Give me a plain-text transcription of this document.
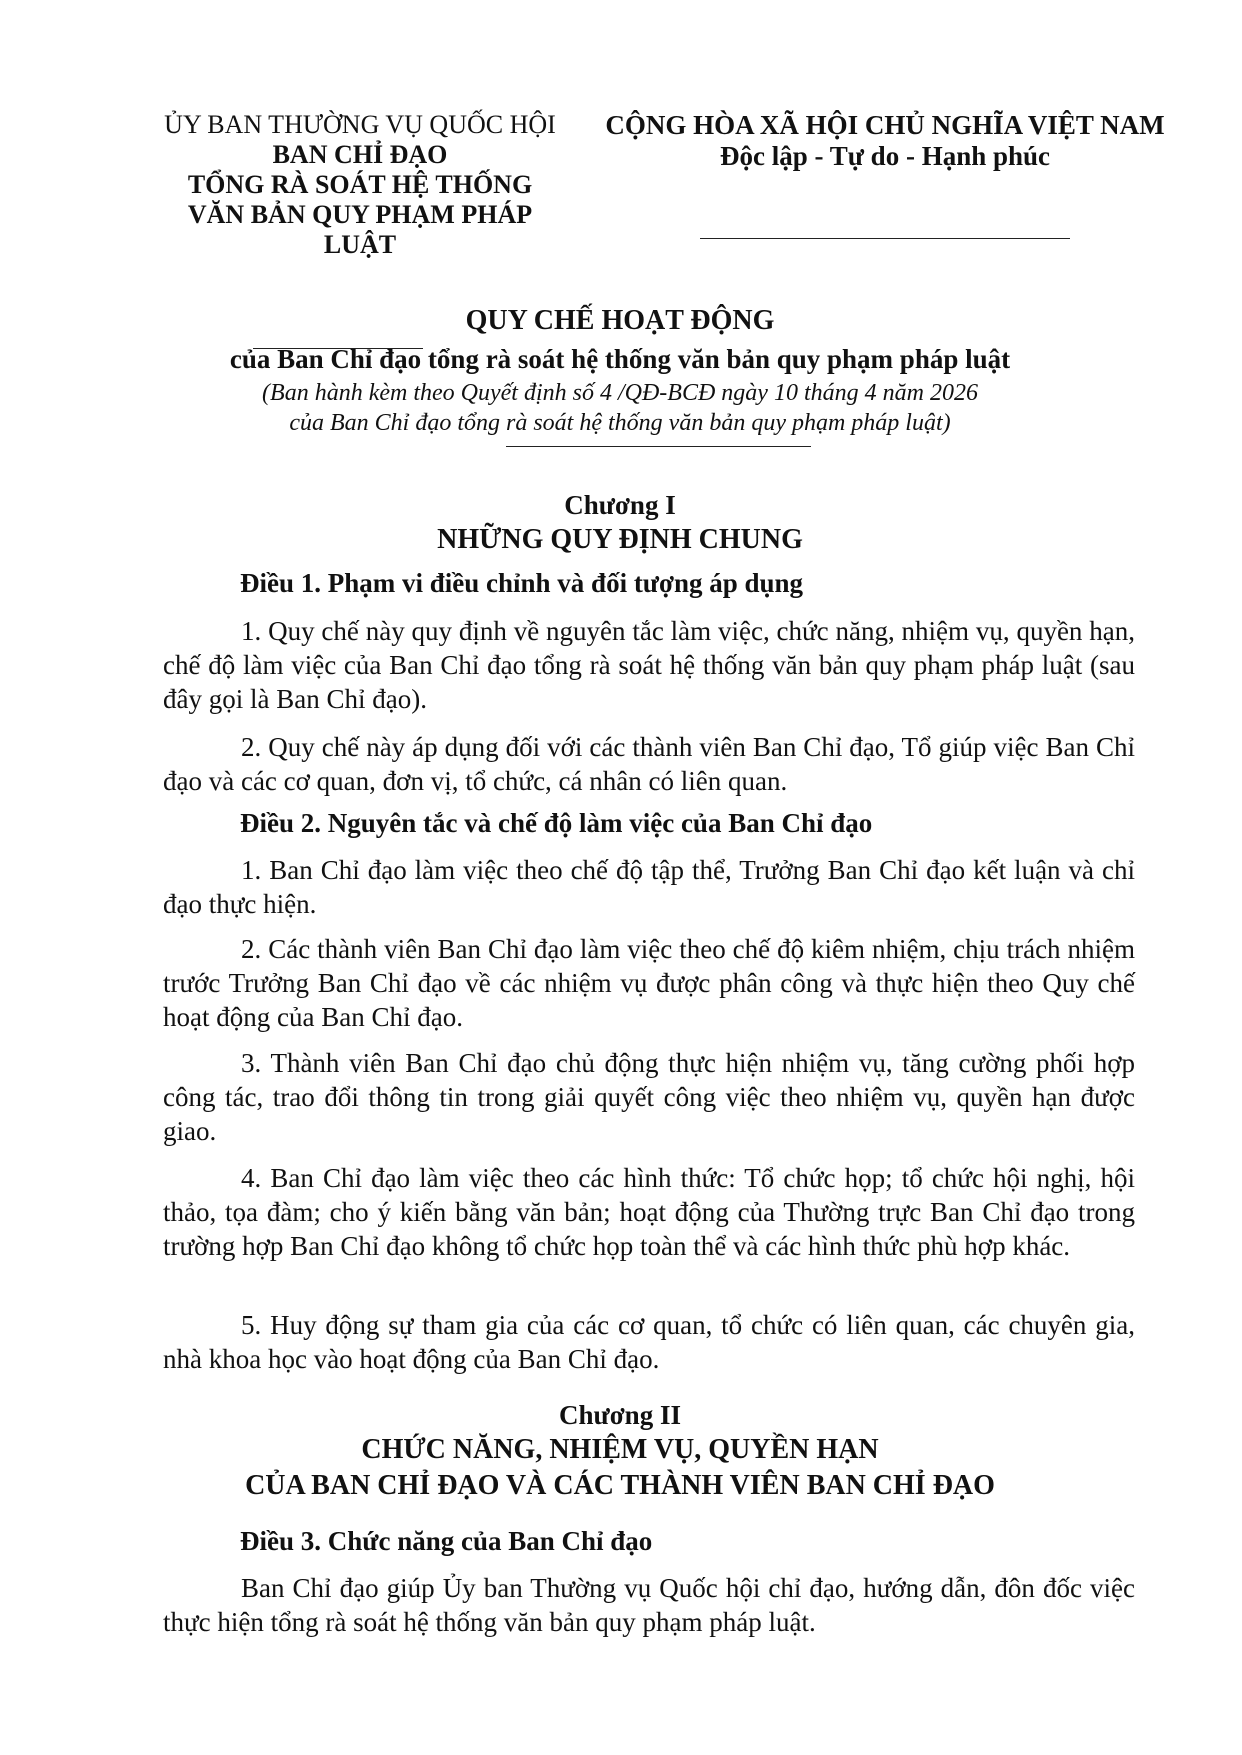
ỦY BAN THƯỜNG VỤ QUỐC HỘI
BAN CHỈ ĐẠO
TỔNG RÀ SOÁT HỆ THỐNG
VĂN BẢN QUY PHẠM PHÁP LUẬT
CỘNG HÒA XÃ HỘI CHỦ NGHĨA VIỆT NAM
Độc lập - Tự do - Hạnh phúc
QUY CHẾ HOẠT ĐỘNG
của Ban Chỉ đạo tổng rà soát hệ thống văn bản quy phạm pháp luật
(Ban hành kèm theo Quyết định số 4 /QĐ-BCĐ ngày 10 tháng 4 năm 2026
của Ban Chỉ đạo tổng rà soát hệ thống văn bản quy phạm pháp luật)
Chương I
NHỮNG QUY ĐỊNH CHUNG
Điều 1. Phạm vi điều chỉnh và đối tượng áp dụng
1. Quy chế này quy định về nguyên tắc làm việc, chức năng, nhiệm vụ, quyền hạn, chế độ làm việc của Ban Chỉ đạo tổng rà soát hệ thống văn bản quy phạm pháp luật (sau đây gọi là Ban Chỉ đạo).
2. Quy chế này áp dụng đối với các thành viên Ban Chỉ đạo, Tổ giúp việc Ban Chỉ đạo và các cơ quan, đơn vị, tổ chức, cá nhân có liên quan.
Điều 2. Nguyên tắc và chế độ làm việc của Ban Chỉ đạo
1. Ban Chỉ đạo làm việc theo chế độ tập thể, Trưởng Ban Chỉ đạo kết luận và chỉ đạo thực hiện.
2. Các thành viên Ban Chỉ đạo làm việc theo chế độ kiêm nhiệm, chịu trách nhiệm trước Trưởng Ban Chỉ đạo về các nhiệm vụ được phân công và thực hiện theo Quy chế hoạt động của Ban Chỉ đạo.
3. Thành viên Ban Chỉ đạo chủ động thực hiện nhiệm vụ, tăng cường phối hợp công tác, trao đổi thông tin trong giải quyết công việc theo nhiệm vụ, quyền hạn được giao.
4. Ban Chỉ đạo làm việc theo các hình thức: Tổ chức họp; tổ chức hội nghị, hội thảo, tọa đàm; cho ý kiến bằng văn bản; hoạt động của Thường trực Ban Chỉ đạo trong trường hợp Ban Chỉ đạo không tổ chức họp toàn thể và các hình thức phù hợp khác.
5. Huy động sự tham gia của các cơ quan, tổ chức có liên quan, các chuyên gia, nhà khoa học vào hoạt động của Ban Chỉ đạo.
Chương II
CHỨC NĂNG, NHIỆM VỤ, QUYỀN HẠN
CỦA BAN CHỈ ĐẠO VÀ CÁC THÀNH VIÊN BAN CHỈ ĐẠO
Điều 3. Chức năng của Ban Chỉ đạo
Ban Chỉ đạo giúp Ủy ban Thường vụ Quốc hội chỉ đạo, hướng dẫn, đôn đốc việc thực hiện tổng rà soát hệ thống văn bản quy phạm pháp luật.
